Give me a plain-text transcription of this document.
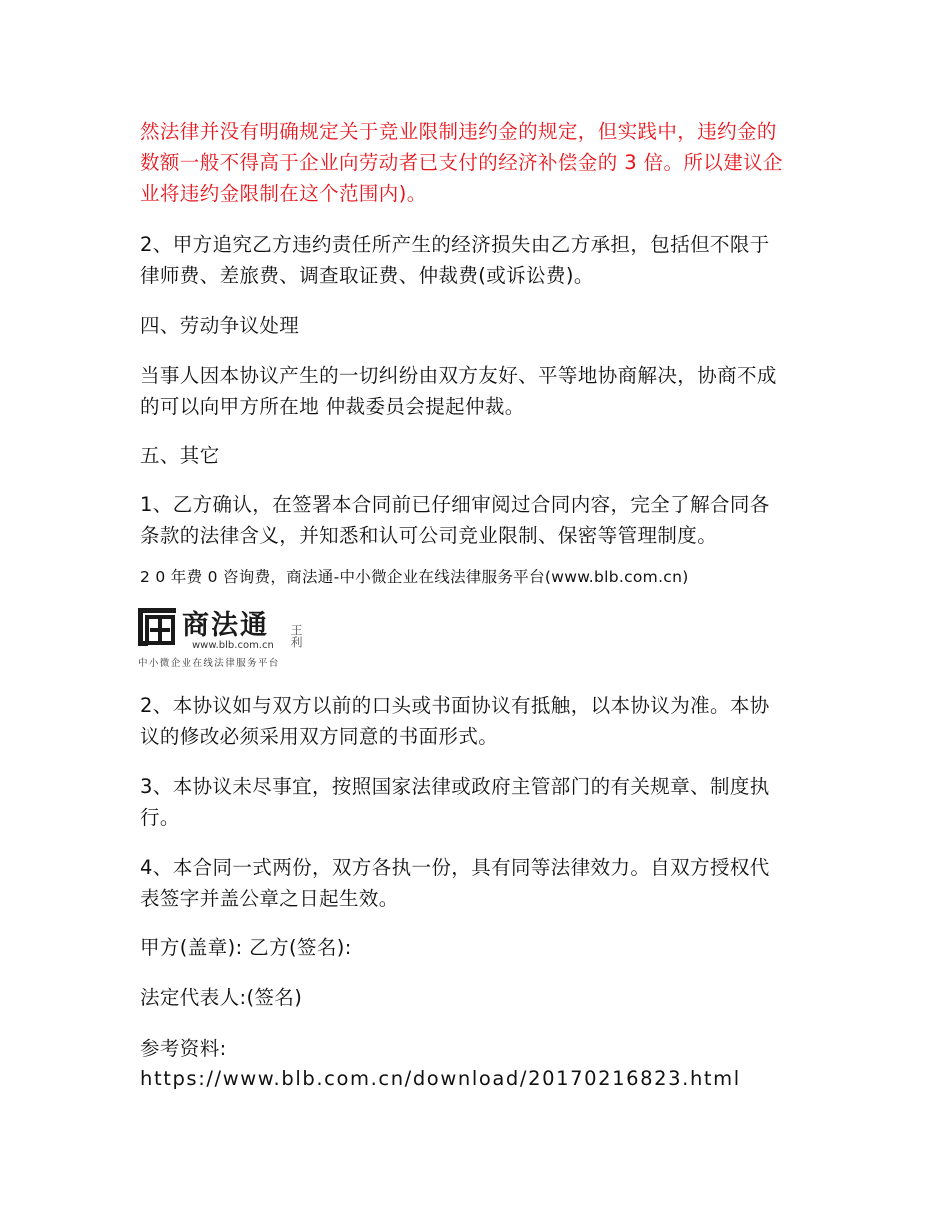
然法律并没有明确规定关于竞业限制违约金的规定，但实践中，违约金的
数额一般不得高于企业向劳动者已支付的经济补偿金的 3 倍。所以建议企
业将违约金限制在这个范围内)。
2、甲方追究乙方违约责任所产生的经济损失由乙方承担，包括但不限于
律师费、差旅费、调查取证费、仲裁费(或诉讼费)。
四、劳动争议处理
当事人因本协议产生的一切纠纷由双方友好、平等地协商解决，协商不成
的可以向甲方所在地 仲裁委员会提起仲裁。
五、其它
1、乙方确认，在签署本合同前已仔细审阅过合同内容，完全了解合同各
条款的法律含义，并知悉和认可公司竞业限制、保密等管理制度。
2 0 年费 0 咨询费，商法通-中小微企业在线法律服务平台(www.blb.com.cn)
商法通 王利
www.blb.com.cn
中小微企业在线法律服务平台
2、本协议如与双方以前的口头或书面协议有抵触，以本协议为准。本协
议的修改必须采用双方同意的书面形式。
3、本协议未尽事宜，按照国家法律或政府主管部门的有关规章、制度执
行。
4、本合同一式两份，双方各执一份，具有同等法律效力。自双方授权代
表签字并盖公章之日起生效。
甲方(盖章): 乙方(签名):
法定代表人:(签名)
参考资料:
https://www.blb.com.cn/download/20170216823.html
